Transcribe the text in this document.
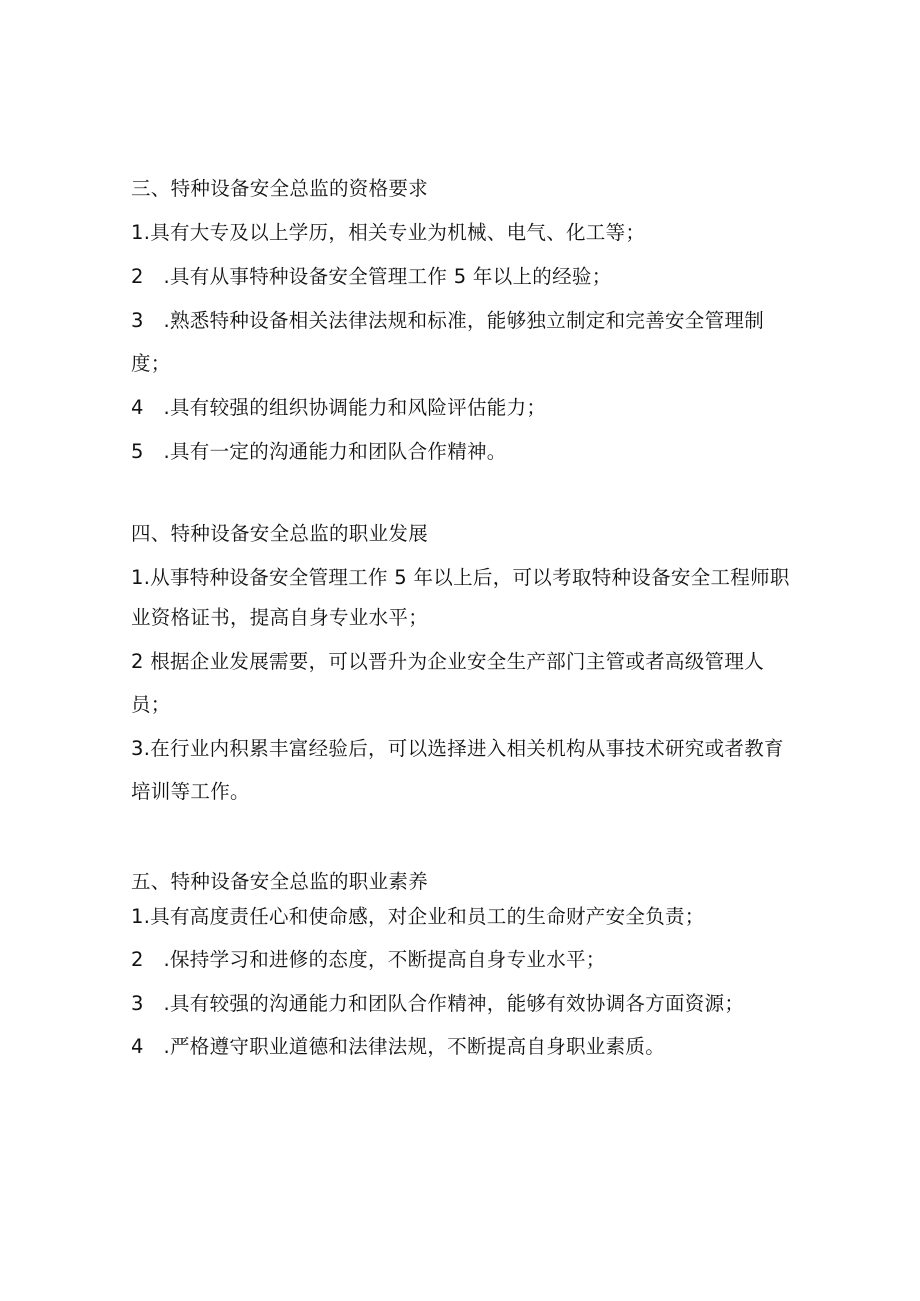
三、特种设备安全总监的资格要求
1.具有大专及以上学历，相关专业为机械、电气、化工等；
2　.具有从事特种设备安全管理工作 5 年以上的经验；
3　.熟悉特种设备相关法律法规和标准，能够独立制定和完善安全管理制
度；
4　.具有较强的组织协调能力和风险评估能力；
5　.具有一定的沟通能力和团队合作精神。
四、特种设备安全总监的职业发展
1.从事特种设备安全管理工作 5 年以上后，可以考取特种设备安全工程师职
业资格证书，提高自身专业水平；
2 根据企业发展需要，可以晋升为企业安全生产部门主管或者高级管理人
员；
3.在行业内积累丰富经验后，可以选择进入相关机构从事技术研究或者教育
培训等工作。
五、特种设备安全总监的职业素养
1.具有高度责任心和使命感，对企业和员工的生命财产安全负责；
2　.保持学习和进修的态度，不断提高自身专业水平；
3　.具有较强的沟通能力和团队合作精神，能够有效协调各方面资源；
4　.严格遵守职业道德和法律法规，不断提高自身职业素质。
